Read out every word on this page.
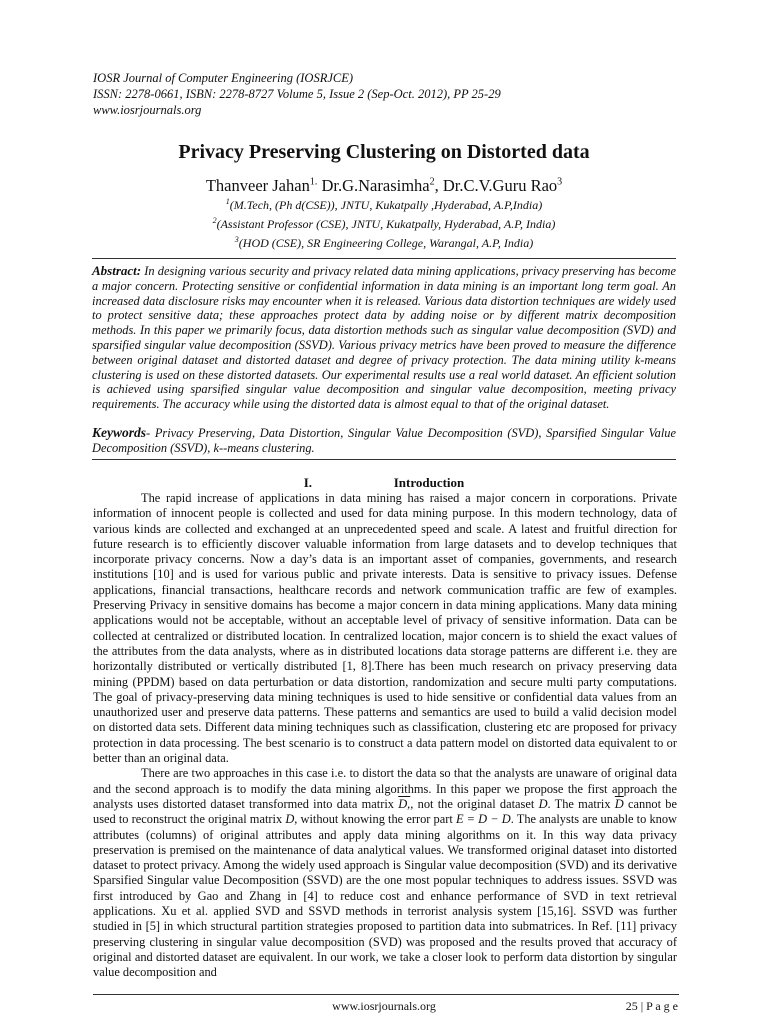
IOSR Journal of Computer Engineering (IOSRJCE)
ISSN: 2278-0661, ISBN: 2278-8727 Volume 5, Issue 2 (Sep-Oct. 2012), PP 25-29
www.iosrjournals.org
Privacy Preserving Clustering on Distorted data
Thanveer Jahan$^{1.}$ Dr.G.Narasimha$^2$, Dr.C.V.Guru Rao$^3$
$^1$(M.Tech, (Ph d(CSE)), JNTU, Kukatpally ,Hyderabad, A.P,India)
$^2$(Assistant Professor (CSE), JNTU, Kukatpally, Hyderabad, A.P, India)
$^3$(HOD (CSE), SR Engineering College, Warangal, A.P, India)
Abstract: In designing various security and privacy related data mining applications, privacy preserving has become a major concern. Protecting sensitive or confidential information in data mining is an important long term goal. An increased data disclosure risks may encounter when it is released. Various data distortion techniques are widely used to protect sensitive data; these approaches protect data by adding noise or by different matrix decomposition methods. In this paper we primarily focus, data distortion methods such as singular value decomposition (SVD) and sparsified singular value decomposition (SSVD). Various privacy metrics have been proved to measure the difference between original dataset and distorted dataset and degree of privacy protection. The data mining utility k-means clustering is used on these distorted datasets. Our experimental results use a real world dataset. An efficient solution is achieved using sparsified singular value decomposition and singular value decomposition, meeting privacy requirements. The accuracy while using the distorted data is almost equal to that of the original dataset.
Keywords- Privacy Preserving, Data Distortion, Singular Value Decomposition (SVD), Sparsified Singular Value Decomposition (SSVD), k--means clustering.
I.	Introduction

The rapid increase of applications in data mining has raised a major concern in corporations. Private information of innocent people is collected and used for data mining purpose. In this modern technology, data of various kinds are collected and exchanged at an unprecedented speed and scale. A latest and fruitful direction for future research is to efficiently discover valuable information from large datasets and to develop techniques that incorporate privacy concerns. Now a day’s data is an important asset of companies, governments, and research institutions [10] and is used for various public and private interests. Data is sensitive to privacy issues. Defense applications, financial transactions, healthcare records and network communication traffic are few of examples. Preserving Privacy in sensitive domains has become a major concern in data mining applications. Many data mining applications would not be acceptable, without an acceptable level of privacy of sensitive information. Data can be collected at centralized or distributed location. In centralized location, major concern is to shield the exact values of the attributes from the data analysts, where as in distributed locations data storage patterns are different i.e. they are horizontally distributed or vertically distributed [1, 8].There has been much research on privacy preserving data mining (PPDM) based on data perturbation or data distortion, randomization and secure multi party computations. The goal of privacy-preserving data mining techniques is used to hide sensitive or confidential data values from an unauthorized user and preserve data patterns. These patterns and semantics are used to build a valid decision model on distorted data sets. Different data mining techniques such as classification, clustering etc are proposed for privacy protection in data processing. The best scenario is to construct a data pattern model on distorted data equivalent to or better than an original data.

There are two approaches in this case i.e. to distort the data so that the analysts are unaware of original data and the second approach is to modify the data mining algorithms. In this paper we propose the first approach the analysts uses distorted dataset transformed into data matrix D,, not the original dataset D. The matrix $\overline{D}$ cannot be used to reconstruct the original matrix D, without knowing the error part E = D − D. The analysts are unable to know attributes (columns) of original attributes and apply data mining algorithms on it. In this way data privacy preservation is premised on the maintenance of data analytical values. We transformed original dataset into distorted dataset to protect privacy. Among the widely used approach is Singular value decomposition (SVD) and its derivative Sparsified Singular value Decomposition (SSVD) are the one most popular techniques to address issues. SSVD was first introduced by Gao and Zhang in [4] to reduce cost and enhance performance of SVD in text retrieval applications. Xu et al. applied SVD and SSVD methods in terrorist analysis system [15,16]. SSVD was further studied in [5] in which structural partition strategies proposed to partition data into submatrices. In Ref. [11] privacy preserving clustering in singular value decomposition (SVD) was proposed and the results proved that accuracy of original and distorted dataset are equivalent. In our work, we take a closer look to perform data distortion by singular value decomposition and

www.iosrjournals.org	25 | P a g e
